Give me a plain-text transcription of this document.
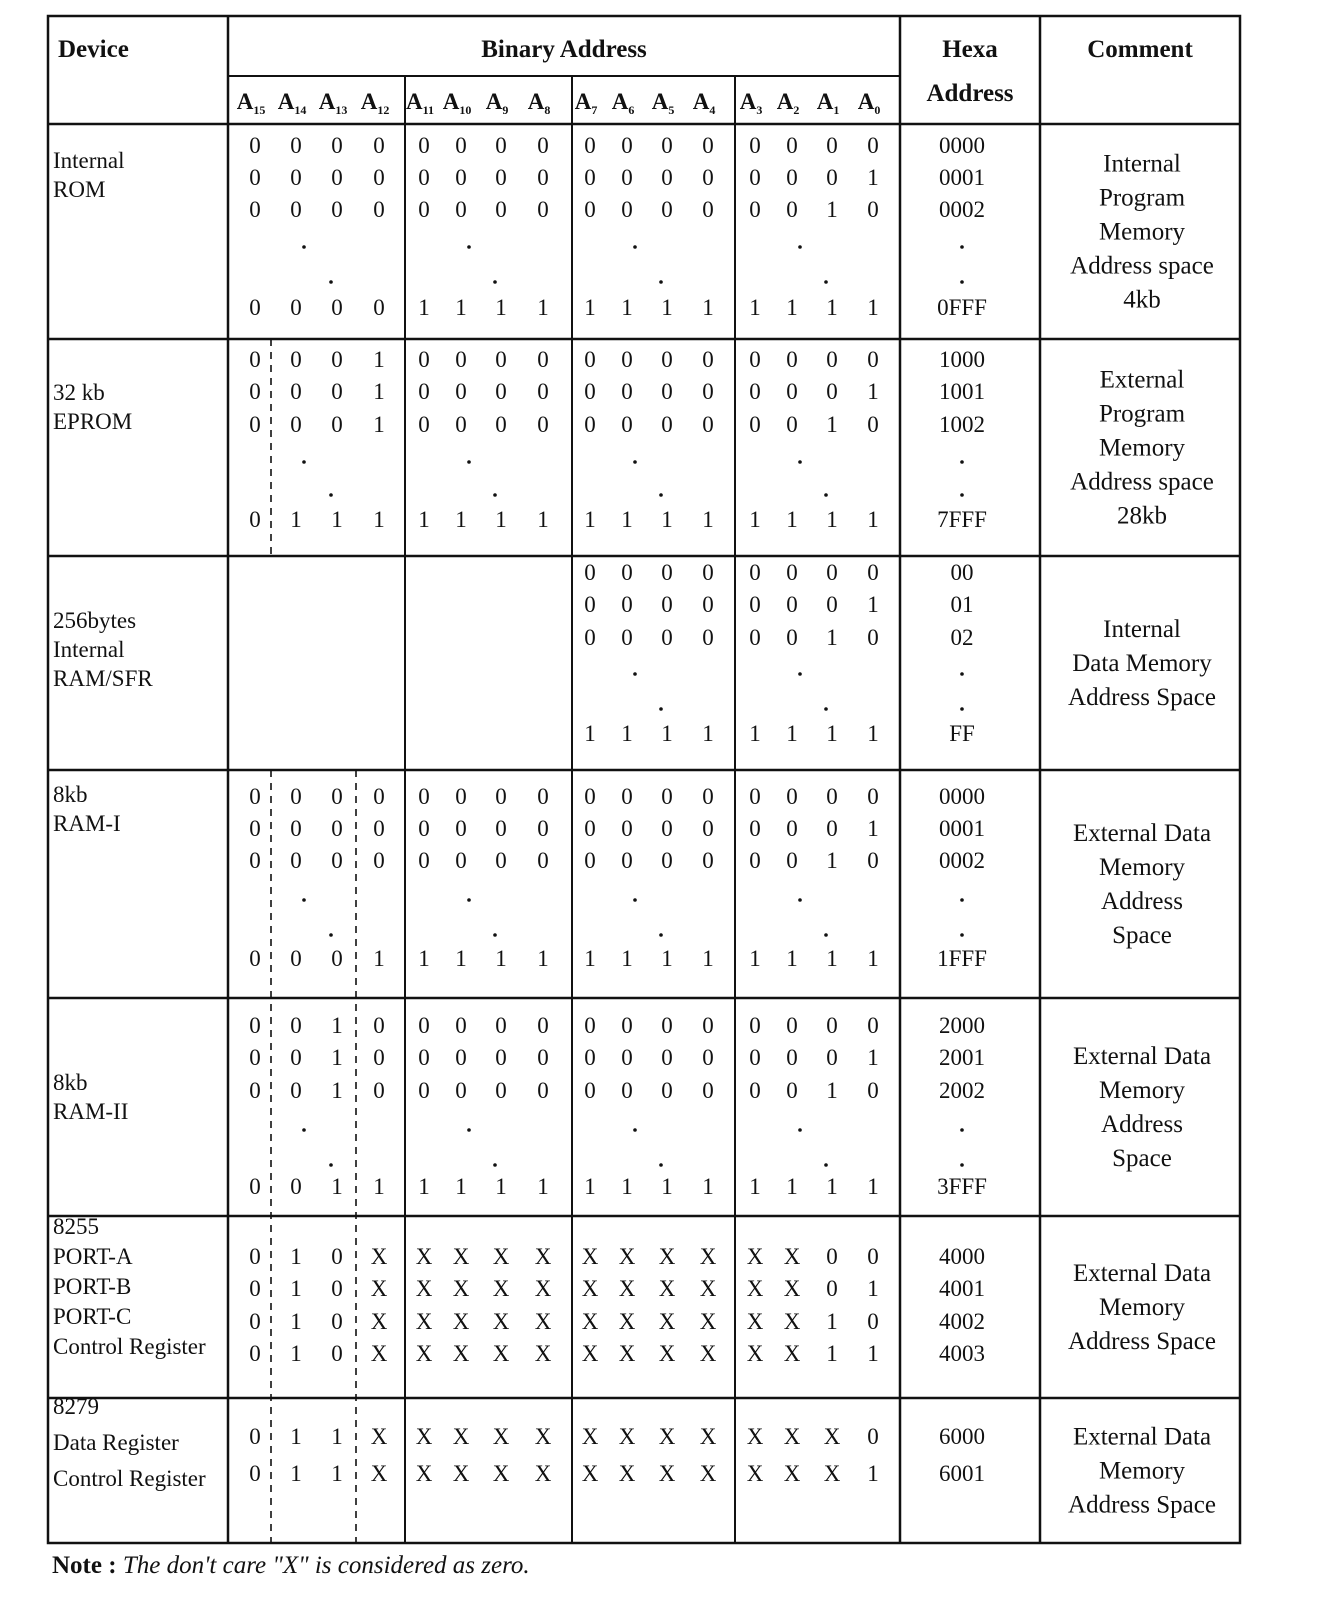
Device	Binary Address	Hexa
Address
Comment
$A_{15}$ $A_{14}$ $A_{13}$ $A_{12}$ $A_{11}$ $A_{10}$ $A_9$ $A_8$ $A_7$ $A_6$ $A_5$ $A_4$ $A_3$ $A_2$ $A_1$ $A_0$
Internal
ROM
0 0 0 0 0 0 0 0 0 0 0 0 0 0 0 0
0 0 0 0 0 0 0 0 0 0 0 0 0 0 0 1
0 0 0 0 0 0 0 0 0 0 0 0 0 0 1 0
0 0 0 0 1 1 1 1 1 1 1 1 1 1 1 1
0000
0001
0002
0FFF
Internal
Program
Memory
Address space
4kb
32 kb
EPROM
0 0 0 1 0 0 0 0 0 0 0 0 0 0 0 0
0 0 0 1 0 0 0 0 0 0 0 0 0 0 0 1
0 0 0 1 0 0 0 0 0 0 0 0 0 0 1 0
0 1 1 1 1 1 1 1 1 1 1 1 1 1 1 1
1000
1001
1002
7FFF
External
Program
Memory
Address space
28kb
256bytes
Internal
RAM/SFR
0 0 0 0 0 0 0 0
0 0 0 0 0 0 0 1
0 0 0 0 0 0 1 0
1 1 1 1 1 1 1 1
00
01
02
FF
Internal
Data Memory
Address Space
8kb
RAM-I
0 0 0 0 0 0 0 0 0 0 0 0 0 0 0 0
0 0 0 0 0 0 0 0 0 0 0 0 0 0 0 1
0 0 0 0 0 0 0 0 0 0 0 0 0 0 1 0
0 0 0 1 1 1 1 1 1 1 1 1 1 1 1 1
0000
0001
0002
1FFF
External Data
Memory
Address
Space
8kb
RAM-II
0 0 1 0 0 0 0 0 0 0 0 0 0 0 0 0
0 0 1 0 0 0 0 0 0 0 0 0 0 0 0 1
0 0 1 0 0 0 0 0 0 0 0 0 0 0 1 0
0 0 1 1 1 1 1 1 1 1 1 1 1 1 1 1
2000
2001
2002
3FFF
External Data
Memory
Address
Space
8255
PORT-A
PORT-B
PORT-C
Control Register
0 1 0 X X X X X X X X X X X 0 0
0 1 0 X X X X X X X X X X X 0 1
0 1 0 X X X X X X X X X X X 1 0
0 1 0 X X X X X X X X X X X 1 1
4000
4001
4002
4003
External Data
Memory
Address Space
8279
Data Register
Control Register
0 1 1 X X X X X X X X X X X X 0
0 1 1 X X X X X X X X X X X X 1
6000
6001
External Data
Memory
Address Space
Note : The don't care "X" is considered as zero.
